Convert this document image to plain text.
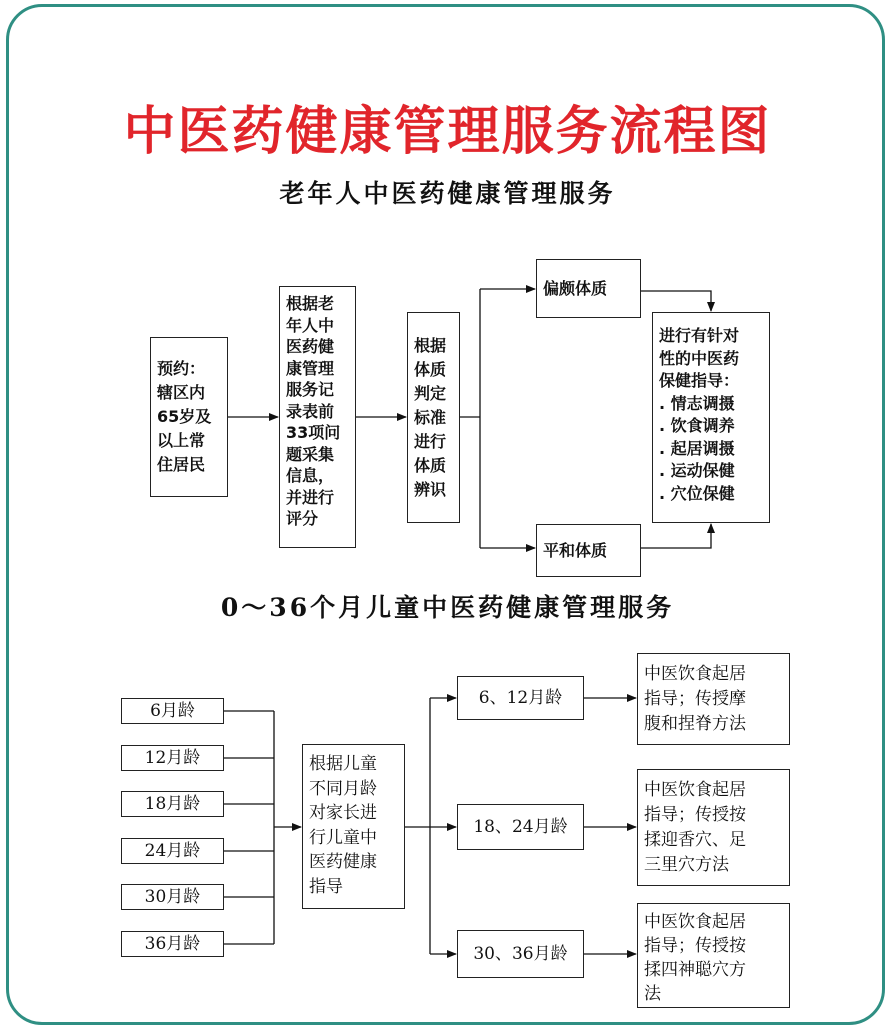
中医药健康管理服务流程图
老年人中医药健康管理服务
预约：
辖区内
65岁及
以上常
住居民
根据老
年人中
医药健
康管理
服务记
录表前
33项问
题采集
信息，
并进行
评分
根据
体质
判定
标准
进行
体质
辨识
偏颇体质
平和体质
进行有针对
性的中医药
保健指导：
. 情志调摄
. 饮食调养
. 起居调摄
. 运动保健
. 穴位保健
0～36个月儿童中医药健康管理服务
6月龄
12月龄
18月龄
24月龄
30月龄
36月龄
根据儿童
不同月龄
对家长进
行儿童中
医药健康
指导
6、12月龄
18、24月龄
30、36月龄
中医饮食起居
指导；传授摩
腹和捏脊方法
中医饮食起居
指导；传授按
揉迎香穴、足
三里穴方法
中医饮食起居
指导；传授按
揉四神聪穴方
法
